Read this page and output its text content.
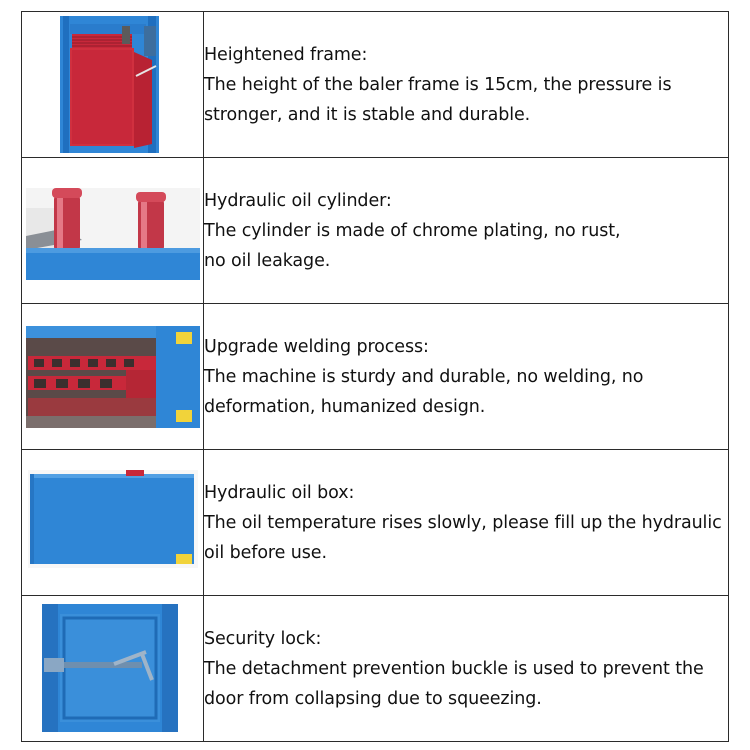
Heightened frame:
The height of the baler frame is 15cm, the pressure is
stronger, and it is stable and durable.

Hydraulic oil cylinder:
The cylinder is made of chrome plating, no rust,
no oil leakage.

Upgrade welding process:
The machine is sturdy and durable, no welding, no
deformation, humanized design.

Hydraulic oil box:
The oil temperature rises slowly, please fill up the hydraulic
oil before use.

Security lock:
The detachment prevention buckle is used to prevent the
door from collapsing due to squeezing.
